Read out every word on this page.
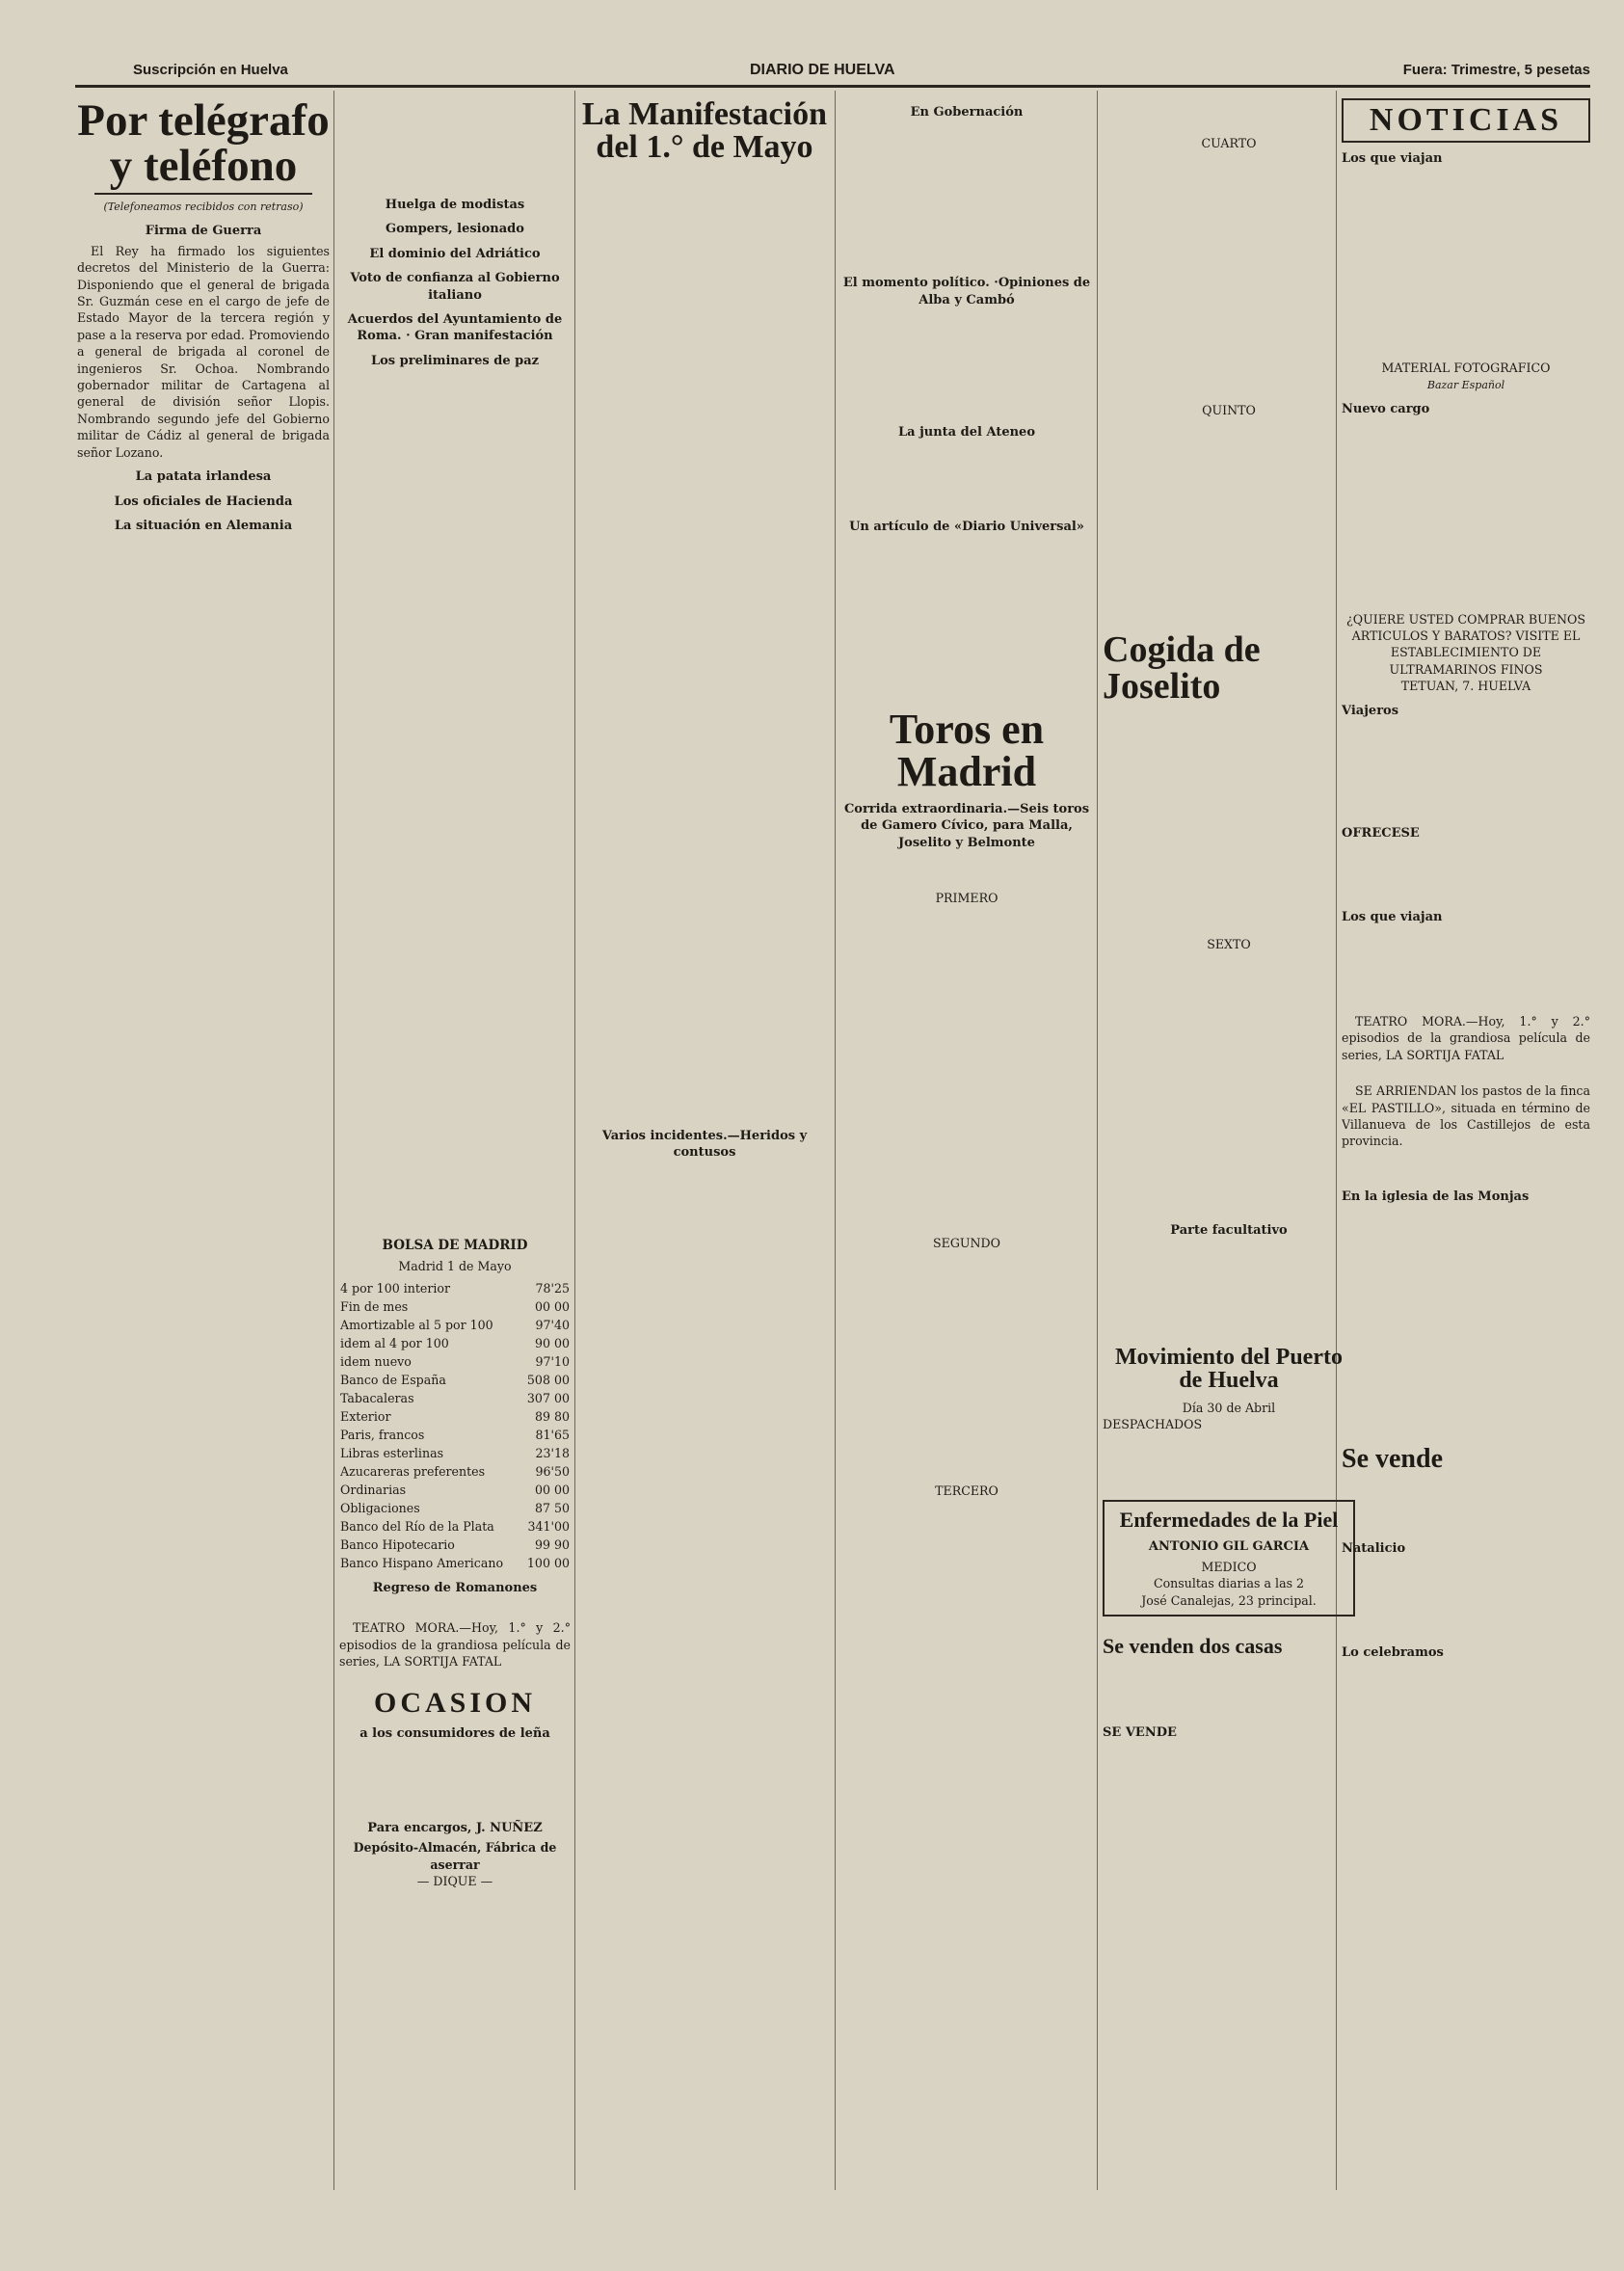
Suscripción en Huelva	DIARIO DE HUELVA	Fuera: Trimestre, 5 pesetas
Por telégrafo y teléfono
(Telefoneamos recibidos con retraso)
Firma de Guerra
El Rey ha firmado los siguientes decretos del Ministerio de la Guerra: Disponiendo que el general de brigada Sr. Guzmán cese en el cargo de jefe de Estado Mayor de la tercera región y pase a la reserva por edad. Promoviendo a general de brigada al coronel de ingenieros Sr. Ochoa. Nombrando gobernador militar de Cartagena al general de división señor Llopis. Nombrando segundo jefe del Gobierno militar de Cádiz al general de brigada señor Lozano.
La patata irlandesa
Los oficiales de Hacienda
La situación en Alemania
Huelga de modistas
Gompers, lesionado
El dominio del Adriático
Voto de confianza al Gobierno italiano
Acuerdos del Ayuntamiento de Roma. · Gran manifestación
Los preliminares de paz
BOLSA DE MADRID
Madrid 1 de Mayo
4 por 100 interior	78'25
Fin de mes	00 00
Amortizable al 5 por 100	97'40
idem al 4 por 100	90 00
idem nuevo	97'10
Banco de España	508 00
Tabacaleras	307 00
Exterior	89 80
Paris, francos	81'65
Libras esterlinas	23'18
Azucareras preferentes	96'50
Ordinarias	00 00
Obligaciones	87 50
Banco del Río de la Plata	341'00
Banco Hipotecario	99 90
Banco Hispano Americano	100 00
Regreso de Romanones
TEATRO MORA.—Hoy, 1.° y 2.° episodios de la grandiosa película de series, LA SORTIJA FATAL
OCASION
a los consumidores de leña
Para encargos, J. NUÑEZ
Depósito-Almacén, Fábrica de aserrar
— DIQUE —
La Manifestación del 1.° de Mayo
Varios incidentes.—Heridos y contusos
En Gobernación
El momento político. ·Opiniones de Alba y Cambó
La junta del Ateneo
Un artículo de «Diario Universal»
Toros en Madrid
Corrida extraordinaria.—Seis toros de Gamero Cívico, para Malla, Joselito y Belmonte
PRIMERO
SEGUNDO
TERCERO
CUARTO
QUINTO
Cogida de Joselito
SEXTO
Parte facultativo
Movimiento del Puerto de Huelva
Día 30 de Abril
DESPACHADOS
Enfermedades de la Piel
ANTONIO GIL GARCIA
MEDICO
Consultas diarias a las 2
José Canalejas, 23 principal.
Se venden dos casas
SE VENDE
NOTICIAS
Los que viajan
MATERIAL FOTOGRAFICO
Bazar Español
Nuevo cargo
¿QUIERE USTED COMPRAR BUENOS ARTICULOS Y BARATOS? VISITE EL ESTABLECIMIENTO DE ULTRAMARINOS FINOS
TETUAN, 7. HUELVA
Viajeros
OFRECESE
Los que viajan
TEATRO MORA.—Hoy, 1.° y 2.° episodios de la grandiosa película de series, LA SORTIJA FATAL
SE ARRIENDAN los pastos de la finca «EL PASTILLO», situada en término de Villanueva de los Castillejos de esta provincia.
En la iglesia de las Monjas
Se vende
Natalicio
Lo celebramos
